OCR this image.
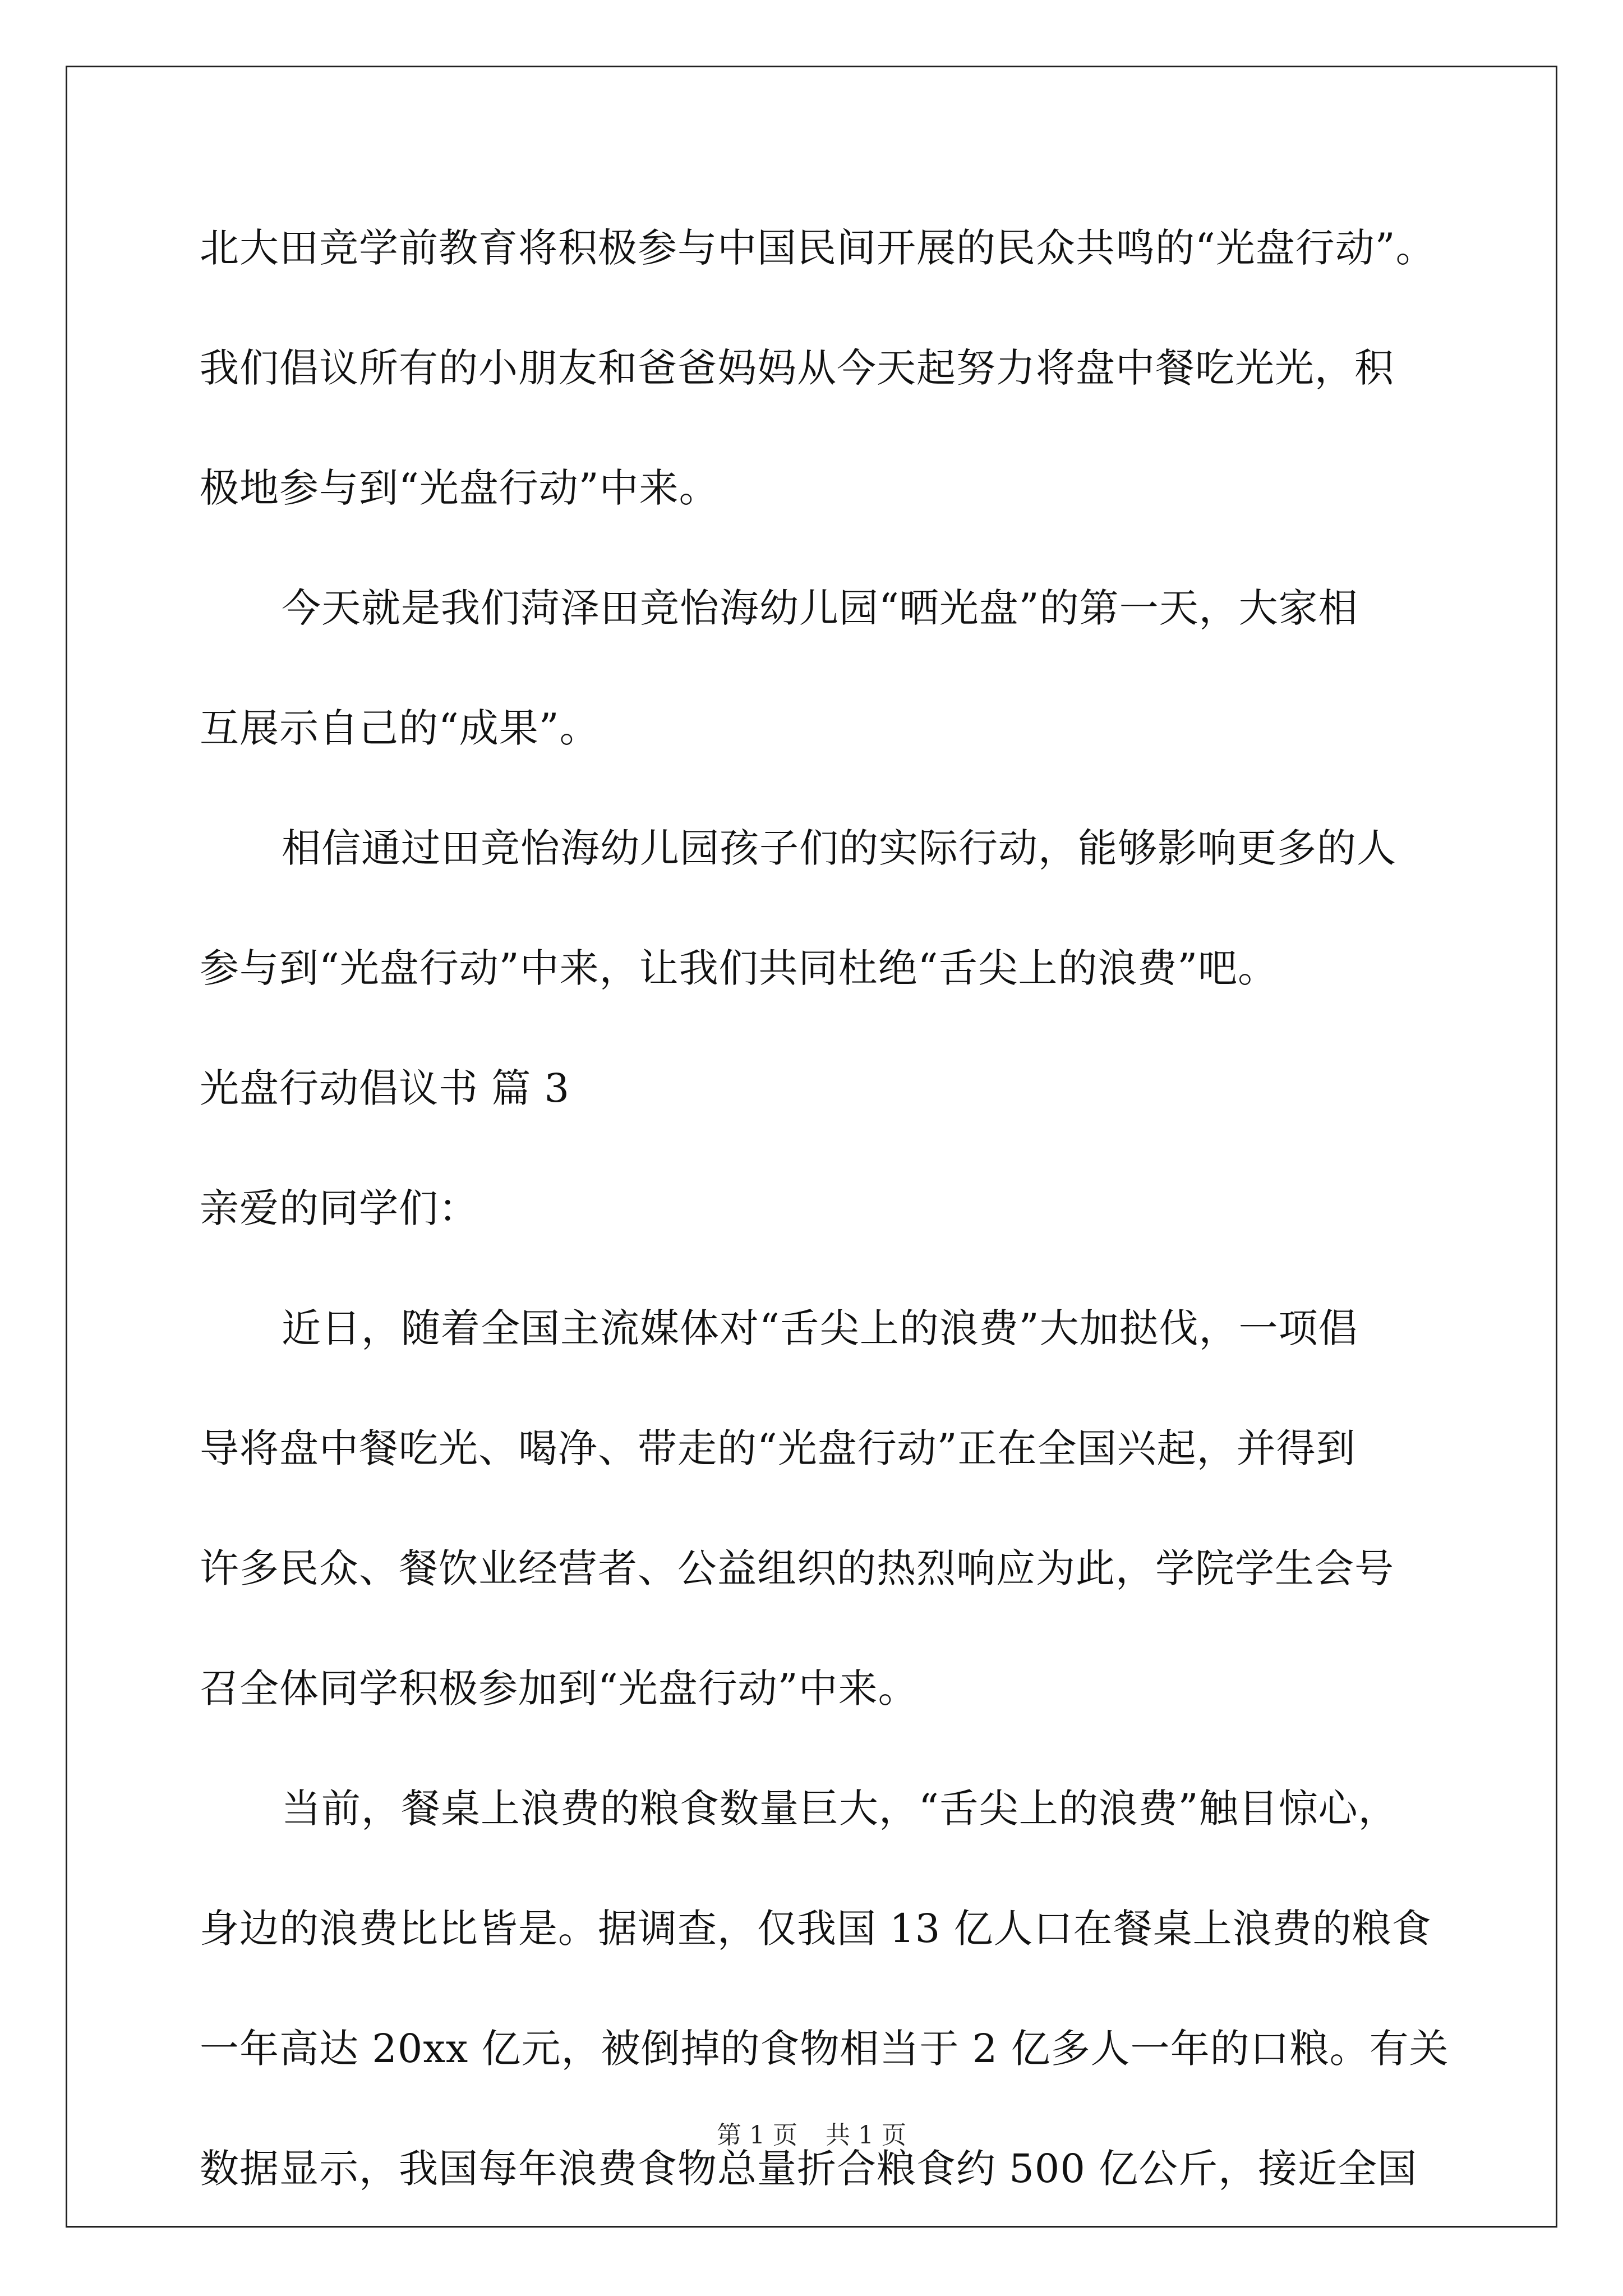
北大田竞学前教育将积极参与中国民间开展的民众共鸣的“光盘行动”。
我们倡议所有的小朋友和爸爸妈妈从今天起努力将盘中餐吃光光，积
极地参与到“光盘行动”中来。
今天就是我们菏泽田竞怡海幼儿园“晒光盘”的第一天，大家相
互展示自己的“成果”。
相信通过田竞怡海幼儿园孩子们的实际行动，能够影响更多的人
参与到“光盘行动”中来，让我们共同杜绝“舌尖上的浪费”吧。
光盘行动倡议书 篇 3
亲爱的同学们：
近日，随着全国主流媒体对“舌尖上的浪费”大加挞伐，一项倡
导将盘中餐吃光、喝净、带走的“光盘行动”正在全国兴起，并得到
许多民众、餐饮业经营者、公益组织的热烈响应为此，学院学生会号
召全体同学积极参加到“光盘行动”中来。
当前，餐桌上浪费的粮食数量巨大，“舌尖上的浪费”触目惊心，
身边的浪费比比皆是。据调查，仅我国 13 亿人口在餐桌上浪费的粮食
一年高达 20xx 亿元，被倒掉的食物相当于 2 亿多人一年的口粮。有关
数据显示，我国每年浪费食物总量折合粮食约 500 亿公斤，接近全国
第 1 页 共 1 页
